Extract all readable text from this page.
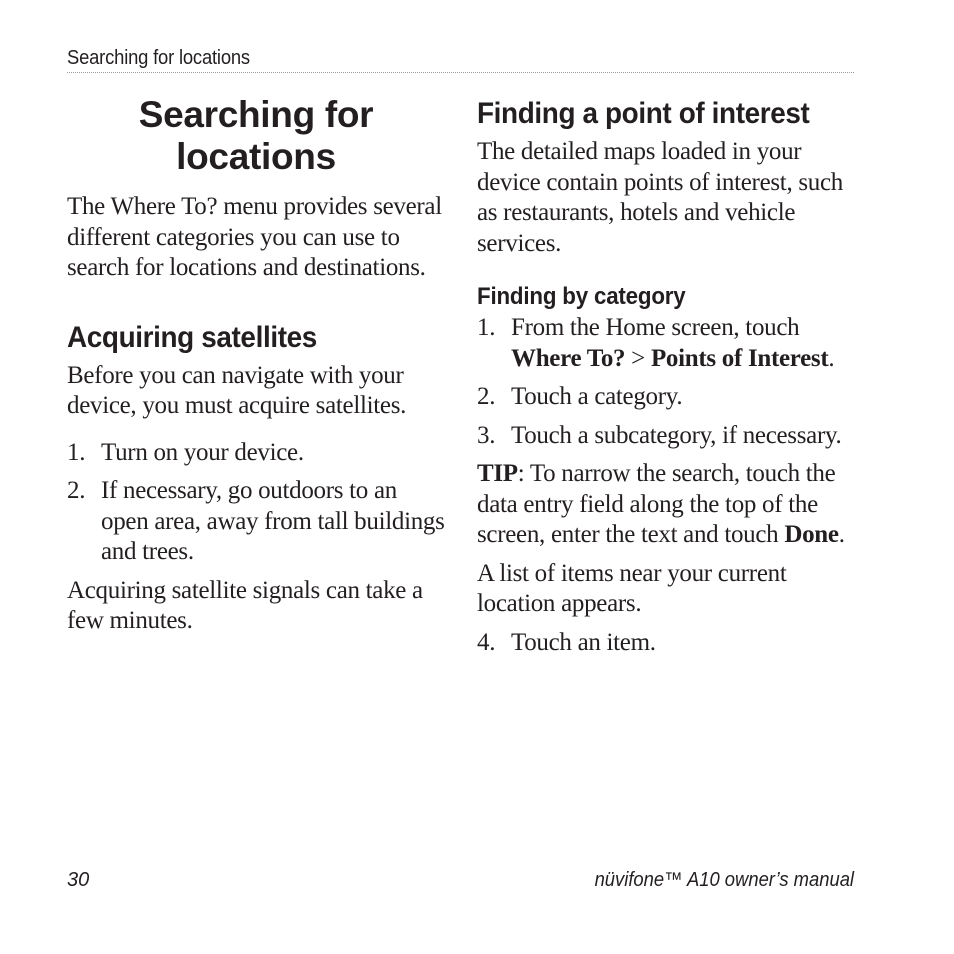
Searching for locations
Searching for
locations

The Where To? menu provides several different categories you can use to search for locations and destinations.

Acquiring satellites

Before you can navigate with your device, you must acquire satellites.

1. Turn on your device.
2. If necessary, go outdoors to an open area, away from tall buildings and trees.

Acquiring satellite signals can take a few minutes.

Finding a point of interest

The detailed maps loaded in your device contain points of interest, such as restaurants, hotels and vehicle services.

Finding by category
1. From the Home screen, touch
Where To? > Points of Interest.
2. Touch a category.
3. Touch a subcategory, if necessary.

TIP: To narrow the search, touch the data entry field along the top of the screen, enter the text and touch Done.

A list of items near your current location appears.

4. Touch an item.
30	nüvifone™ A10 owner’s manual
